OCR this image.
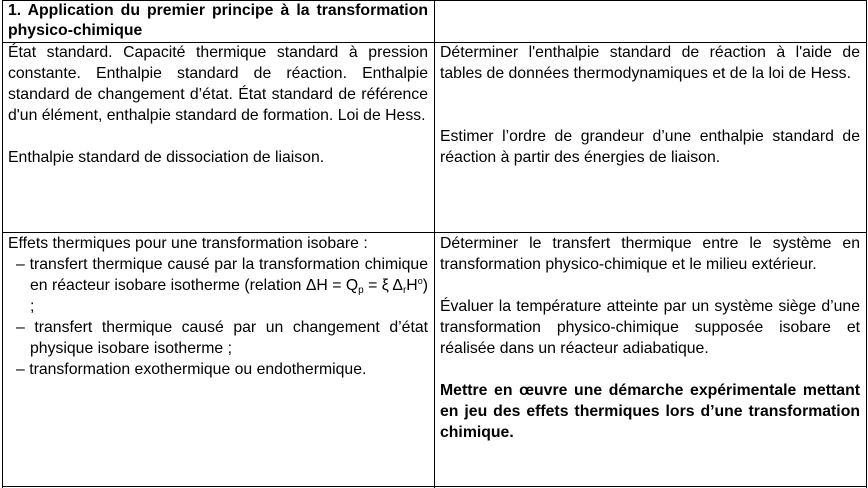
1. Application du premier principe à la transformation physico-chimique

État standard. Capacité thermique standard à pression constante. Enthalpie standard de réaction. Enthalpie standard de changement d’état. État standard de référence d'un élément, enthalpie standard de formation. Loi de Hess.

Enthalpie standard de dissociation de liaison.

Déterminer l'enthalpie standard de réaction à l'aide de tables de données thermodynamiques et de la loi de Hess.

Estimer l’ordre de grandeur d’une enthalpie standard de réaction à partir des énergies de liaison.

Effets thermiques pour une transformation isobare :

– transfert thermique causé par la transformation chimique en réacteur isobare isotherme (relation $\Delta H = Q_p = \xi$ $\Delta_rH^o$) ;

– transfert thermique causé par un changement d’état physique isobare isotherme ;

– transformation exothermique ou endothermique.

Déterminer le transfert thermique entre le système en transformation physico-chimique et le milieu extérieur.

Évaluer la température atteinte par un système siège d’une transformation physico-chimique supposée isobare et réalisée dans un réacteur adiabatique.

Mettre en œuvre une démarche expérimentale mettant en jeu des effets thermiques lors d’une transformation chimique.
